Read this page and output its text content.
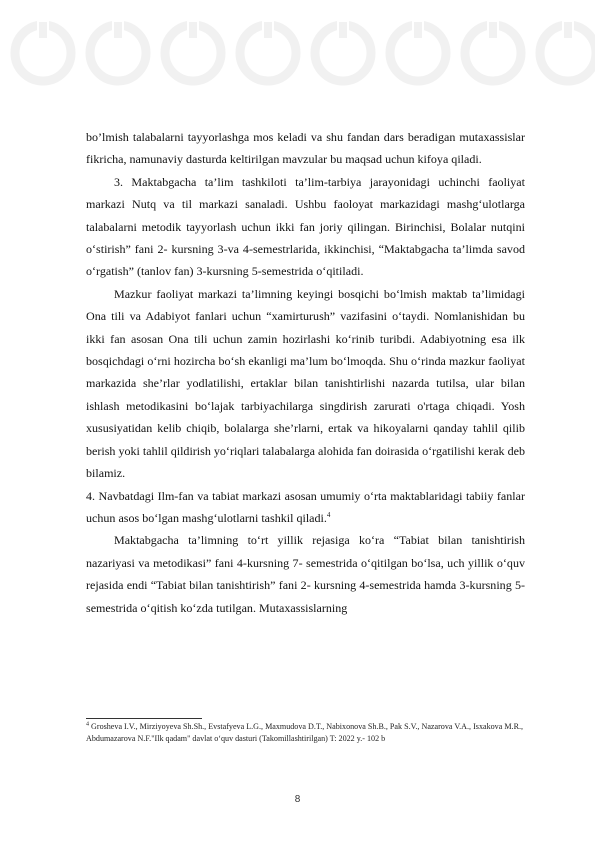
bo’lmish talabalarni tayyorlashga mos keladi va shu fandan dars beradigan mutaxassislar fikricha, namunaviy dasturda keltirilgan mavzular bu maqsad uchun kifoya qiladi.

3. Maktabgacha ta’lim tashkiloti ta’lim-tarbiya jarayonidagi uchinchi faoliyat markazi Nutq va til markazi sanaladi. Ushbu faoloyat markazidagi mashg‘ulotlarga talabalarni metodik tayyorlash uchun ikki fan joriy qilingan. Birinchisi, Bolalar nutqini o‘stirish” fani 2- kursning 3-va 4-semestrlarida, ikkinchisi, “Maktabgacha ta’limda savod o‘rgatish” (tanlov fan) 3-kursning 5-semestrida o‘qitiladi.

Mazkur faoliyat markazi ta’limning keyingi bosqichi bo‘lmish maktab ta’limidagi Ona tili va Adabiyot fanlari uchun “xamirturush” vazifasini o‘taydi. Nomlanishidan bu ikki fan asosan Ona tili uchun zamin hozirlashi ko‘rinib turibdi. Adabiyotning esa ilk bosqichdagi o‘rni hozircha bo‘sh ekanligi ma’lum bo‘lmoqda. Shu o‘rinda mazkur faoliyat markazida she’rlar yodlatilishi, ertaklar bilan tanishtirlishi nazarda tutilsa, ular bilan ishlash metodikasini bo‘lajak tarbiyachilarga singdirish zarurati o'rtaga chiqadi. Yosh xususiyatidan kelib chiqib, bolalarga she’rlarni, ertak va hikoyalarni qanday tahlil qilib berish yoki tahlil qildirish yo‘riqlari talabalarga alohida fan doirasida o‘rgatilishi kerak deb bilamiz.

4. Navbatdagi Ilm-fan va tabiat markazi asosan umumiy o‘rta maktablaridagi tabiiy fanlar uchun asos bo‘lgan mashg‘ulotlarni tashkil qiladi.$^4$

Maktabgacha ta’limning to‘rt yillik rejasiga ko‘ra “Tabiat bilan tanishtirish nazariyasi va metodikasi” fani 4-kursning 7- semestrida o‘qitilgan bo‘lsa, uch yillik o‘quv rejasida endi “Tabiat bilan tanishtirish” fani 2- kursning 4-semestrida hamda 3-kursning 5-semestrida o‘qitish ko‘zda tutilgan. Mutaxassislarning

$^4$ Grosheva I.V., Mirziyoyeva Sh.Sh., Evstafyeva L.G., Maxmudova D.T., Nabixonova Sh.B., Pak S.V., Nazarova V.A., Isxakova M.R., Abdumazarova N.F."Ilk qadam" davlat o‘quv dasturi (Takomillashtirilgan) T: 2022 y.- 102 b
8
